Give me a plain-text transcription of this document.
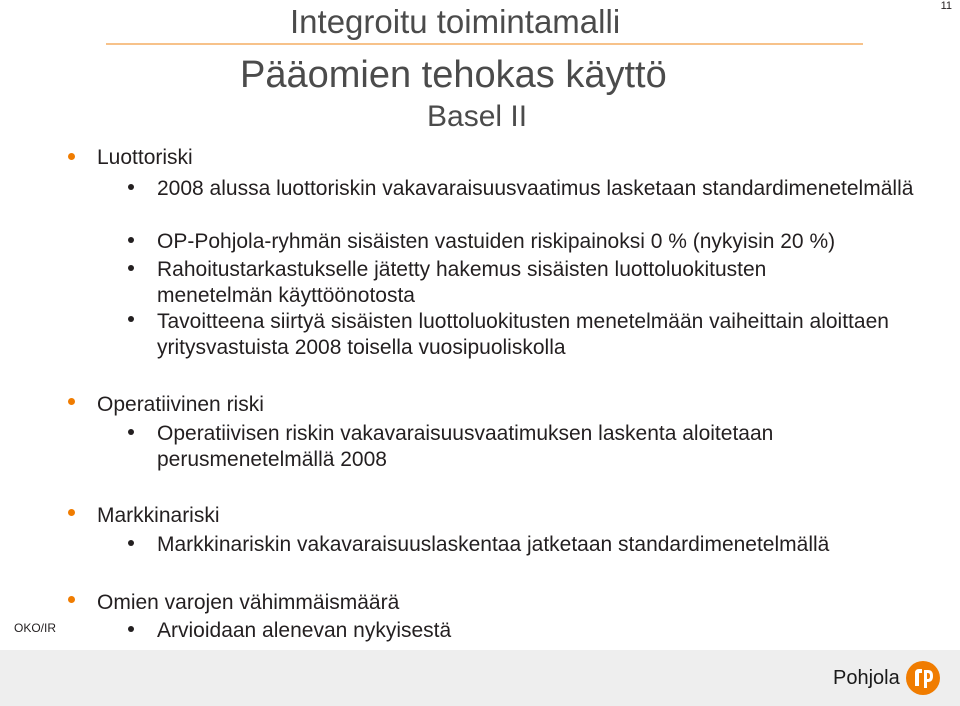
11
Integroitu toimintamalli
Pääomien tehokas käyttö
Basel II
Luottoriski
2008 alussa luottoriskin vakavaraisuusvaatimus lasketaan standardimenetelmällä
OP-Pohjola-ryhmän sisäisten vastuiden riskipainoksi 0 % (nykyisin 20 %)
Rahoitustarkastukselle jätetty hakemus sisäisten luottoluokitusten menetelmän käyttöönotosta
Tavoitteena siirtyä sisäisten luottoluokitusten menetelmään vaiheittain aloittaen yritysvastuista 2008 toisella vuosipuoliskolla
Operatiivinen riski
Operatiivisen riskin vakavaraisuusvaatimuksen laskenta aloitetaan perusmenetelmällä 2008
Markkinariski
Markkinariskin vakavaraisuuslaskentaa jatketaan standardimenetelmällä
Omien varojen vähimmäismäärä
Arvioidaan alenevan nykyisestä
OKO/IR
Pohjola
